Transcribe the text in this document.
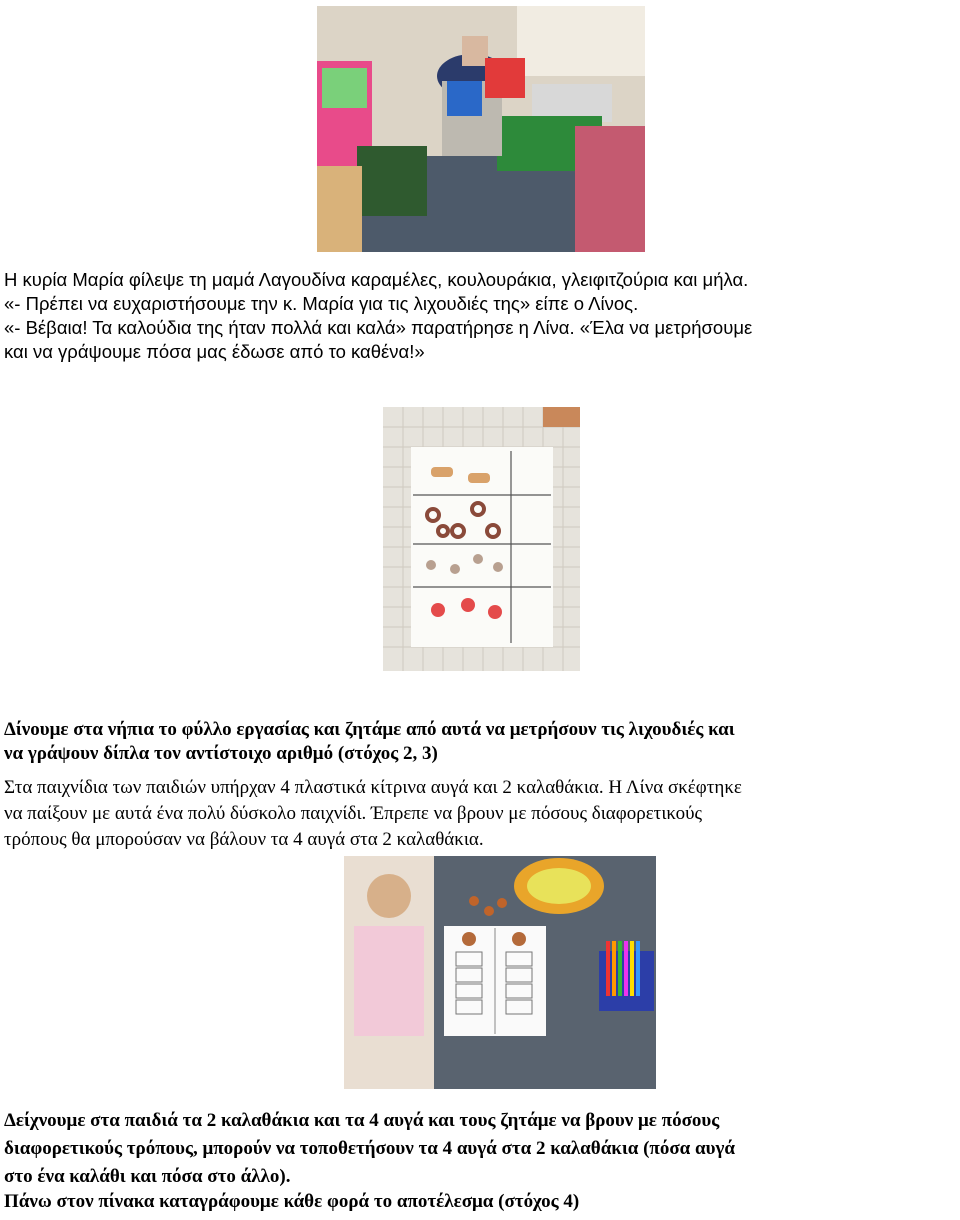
Η κυρία Μαρία φίλεψε τη μαμά Λαγουδίνα καραμέλες, κουλουράκια, γλειφιτζούρια και μήλα.
«- Πρέπει να ευχαριστήσουμε την κ. Μαρία για τις λιχουδιές της» είπε ο Λίνος.
«- Βέβαια! Τα καλούδια της ήταν πολλά και καλά» παρατήρησε η Λίνα. «Έλα να μετρήσουμε
και να γράψουμε πόσα μας έδωσε από το καθένα!»
Δίνουμε στα νήπια το φύλλο εργασίας και ζητάμε από αυτά να μετρήσουν τις λιχουδιές και
να γράψουν δίπλα τον αντίστοιχο αριθμό (στόχος 2, 3)
Στα παιχνίδια των παιδιών υπήρχαν 4 πλαστικά κίτρινα αυγά και 2 καλαθάκια. Η Λίνα σκέφτηκε
να παίξουν με αυτά ένα πολύ δύσκολο παιχνίδι. Έπρεπε να βρουν με πόσους διαφορετικούς
τρόπους θα μπορούσαν να βάλουν τα 4 αυγά στα 2 καλαθάκια.
Δείχνουμε στα παιδιά τα 2 καλαθάκια και τα 4 αυγά και τους ζητάμε να βρουν με πόσους
διαφορετικούς τρόπους, μπορούν να τοποθετήσουν τα 4 αυγά στα 2 καλαθάκια (πόσα αυγά
στο ένα καλάθι και πόσα στο άλλο).
Πάνω στον πίνακα καταγράφουμε κάθε φορά το αποτέλεσμα (στόχος 4)
